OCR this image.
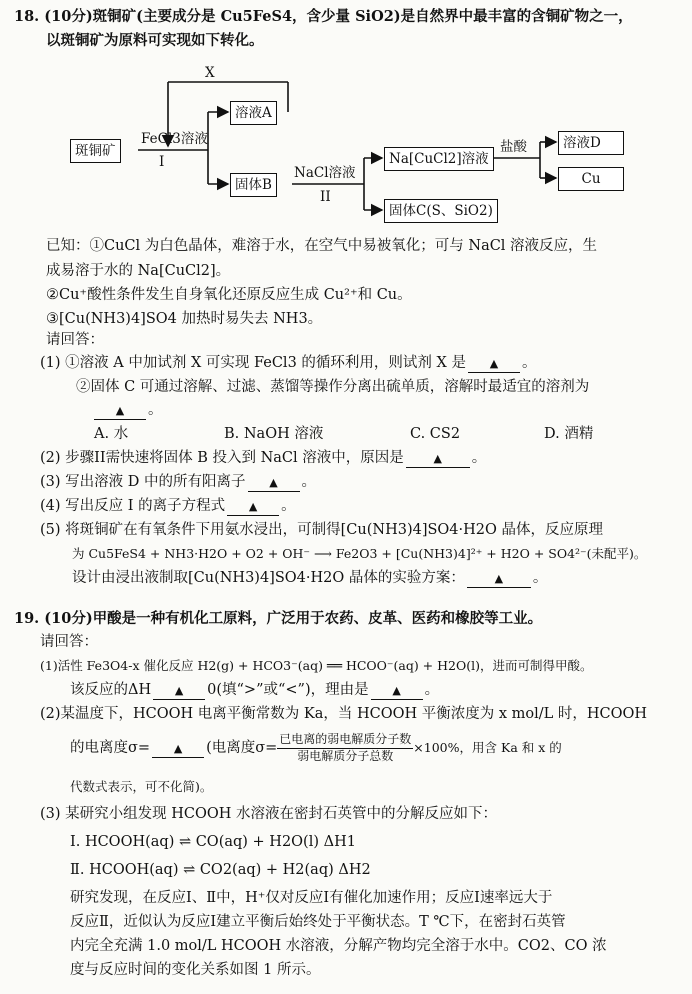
18. (10分)斑铜矿(主要成分是 Cu5FeS4，含少量 SiO2)是自然界中最丰富的含铜矿物之一，
以斑铜矿为原料可实现如下转化。
斑铜矿
FeCl3溶液
I
X
溶液A
固体B
NaCl溶液
II
Na[CuCl2]溶液
固体C(S、SiO2)
盐酸	溶液D
Cu
已知：①CuCl 为白色晶体，难溶于水，在空气中易被氧化；可与 NaCl 溶液反应，生
成易溶于水的 Na[CuCl2]。
②Cu⁺酸性条件发生自身氧化还原反应生成 Cu²⁺和 Cu。
③[Cu(NH3)4]SO4 加热时易失去 NH3。
请回答：
(1) ①溶液 A 中加试剂 X 可实现 FeCl3 的循环利用，则试剂 X 是 ▲ 。
②固体 C 可通过溶解、过滤、蒸馏等操作分离出硫单质，溶解时最适宜的溶剂为
▲ 。
A. 水	B. NaOH 溶液	C. CS2	D. 酒精
(2) 步骤II需快速将固体 B 投入到 NaCl 溶液中，原因是	▲ 。
(3) 写出溶液 D 中的所有阳离子 ▲ 。
(4) 写出反应 I 的离子方程式 ▲ 。
(5) 将斑铜矿在有氧条件下用氨水浸出，可制得[Cu(NH3)4]SO4·H2O 晶体，反应原理
为 Cu5FeS4 + NH3·H2O + O2 + OH⁻ ⟶ Fe2O3 + [Cu(NH3)4]²⁺ + H2O + SO4²⁻(未配平)。
设计由浸出液制取[Cu(NH3)4]SO4·H2O 晶体的实验方案：	▲ 。
19. (10分)甲酸是一种有机化工原料，广泛用于农药、皮革、医药和橡胶等工业。
请回答：
(1)活性 Fe3O4-x 催化反应 H2(g) + HCO3⁻(aq) ══ HCOO⁻(aq) + H2O(l)，进而可制得甲酸。
该反应的ΔH ▲ 0(填“>”或“<”)，理由是 ▲ 。
(2)某温度下，HCOOH 电离平衡常数为 Ka，当 HCOOH 平衡浓度为 x mol/L 时，HCOOH
的电离度σ= ▲ (电离度$\sigma= \frac{\text{已电离的弱电解质分子数}}{\text{弱电解质分子总数}} \times 100\%$，用含 Ka 和 x 的
代数式表示，可不化简)。
(3) 某研究小组发现 HCOOH 水溶液在密封石英管中的分解反应如下：
Ⅰ. HCOOH(aq) ⇌ CO(aq) + H2O(l) ΔH1
Ⅱ. HCOOH(aq) ⇌ CO2(aq) + H2(aq) ΔH2
研究发现，在反应Ⅰ、Ⅱ中，H⁺仅对反应Ⅰ有催化加速作用；反应Ⅰ速率远大于
反应Ⅱ，近似认为反应Ⅰ建立平衡后始终处于平衡状态。T ℃下，在密封石英管
内完全充满 1.0 mol/L HCOOH 水溶液，分解产物均完全溶于水中。CO2、CO 浓
度与反应时间的变化关系如图 1 所示。
